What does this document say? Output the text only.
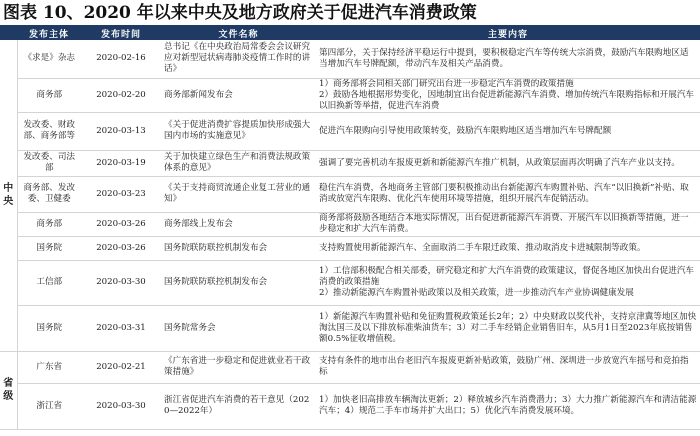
图表 10、2020 年以来中央及地方政府关于促进汽车消费政策
	发布主体	发布时间	文件名称	主要内容

中
央	《求是》杂志	2020-02-16	总书记《在中央政治局常委会会议研究应对新型冠状病毒肺炎疫情工作时的讲话》	第四部分，关于保持经济平稳运行中提到，要积极稳定汽车等传统大宗消费，鼓励汽车限购地区适当增加汽车号牌配额，带动汽车及相关产品消费。

	商务部	2020-02-20	商务部新闻发布会	1）商务部将会同相关部门研究出台进一步稳定汽车消费的政策措施
2）鼓励各地根据形势变化，因地制宜出台促进新能源汽车消费、增加传统汽车限购指标和开展汽车以旧换新等举措，促进汽车消费

	发改委、财政部、商务部等	2020-03-13	《关于促进消费扩容提质加快形成强大国内市场的实施意见》	促进汽车限购向引导使用政策转变，鼓励汽车限购地区适当增加汽车号牌配额

	发改委、司法部	2020-03-19	关于加快建立绿色生产和消费法规政策体系的意见》	强调了要完善机动车报废更新和新能源汽车推广机制，从政策层面再次明确了汽车产业以支持。

	商务部、发改委、卫健委	2020-03-23	《关于支持商贸流通企业复工营业的通知》	稳住汽车消费，各地商务主管部门要积极推动出台新能源汽车购置补贴、汽车“以旧换新”补贴、取消或放宽汽车限购、优化汽车使用环境等措施，组织开展汽车促销活动。

	商务部	2020-03-26	商务部线上发布会	商务部将鼓励各地结合本地实际情况，出台促进新能源汽车消费、开展汽车以旧换新等措施，进一步稳定和扩大汽车消费。

	国务院	2020-03-26	国务院联防联控机制发布会	支持购置使用新能源汽车、全面取消二手车限迁政策、推动取消皮卡进城限制等政策。

	工信部	2020-03-30	国务院联防联控机制发布会	1）工信部积极配合相关部委，研究稳定和扩大汽车消费的政策建议，督促各地区加快出台促进汽车消费的政策措施
2）推动新能源汽车购置补贴政策以及相关政策，进一步推动汽车产业协调健康发展

	国务院	2020-03-31	国务院常务会	1）新能源汽车购置补贴和免征购置税政策延长2年；2）中央财政以奖代补，支持京津冀等地区加快淘汰国三及以下排放标准柴油货车；3）对二手车经销企业销售旧车，从5月1日至2023年底按销售额0.5%征收增值税。

省
级	广东省	2020-02-21	《广东省进一步稳定和促进就业若干政策措施》	支持有条件的地市出台老旧汽车报废更新补贴政策，鼓励广州、深圳进一步放宽汽车摇号和竞拍指标

	浙江省	2020-03-30	浙江省促进汽车消费的若干意见（2020—2022年）	1）加快老旧高排放车辆淘汰更新；2）释放城乡汽车消费潜力；3）大力推广新能源汽车和清洁能源汽车；4）规范二手车市场并扩大出口；5）优化汽车消费发展环境。
